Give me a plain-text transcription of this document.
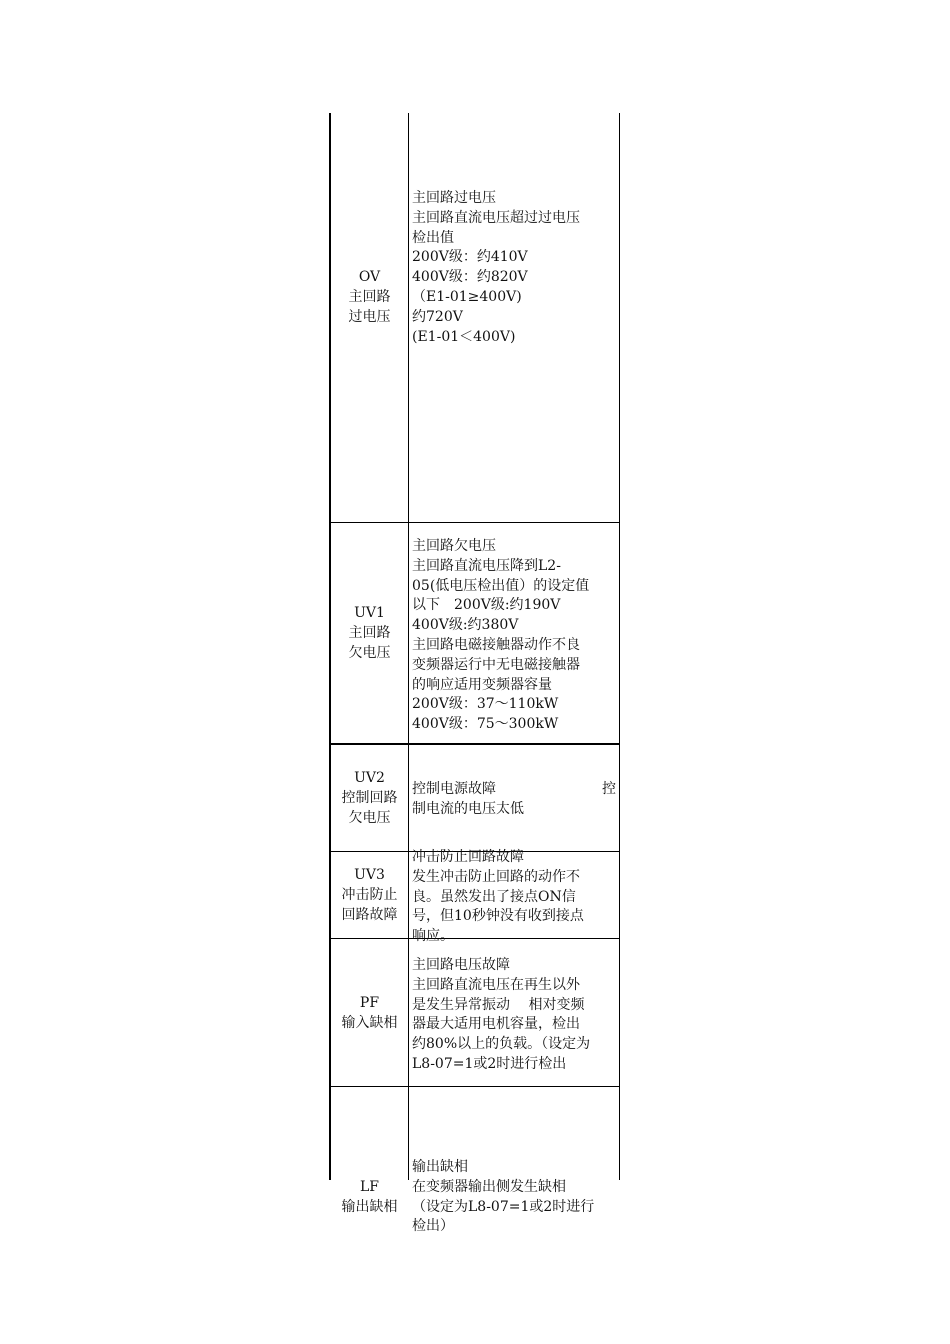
OV
主回路
过电压
主回路过电压
主回路直流电压超过过电压
检出值
200V级：约410V
400V级：约820V
（E1-01≥400V)
约720V
(E1-01＜400V)
UV1
主回路
欠电压
主回路欠电压
主回路直流电压降到L2-
05(低电压检出值）的设定值
以下　200V级:约190V
400V级:约380V
主回路电磁接触器动作不良
变频器运行中无电磁接触器
的响应适用变频器容量
200V级：37～110kW
400V级：75～300kW
UV2
控制回路
欠电压
控制电源故障	控
制电流的电压太低
UV3
冲击防止
回路故障
冲击防止回路故障
发生冲击防止回路的动作不
良。虽然发出了接点ON信
号，但10秒钟没有收到接点
响应。
PF
输入缺相
主回路电压故障
主回路直流电压在再生以外
是发生异常振动　 相对变频
器最大适用电机容量，检出
约80%以上的负载。（设定为
L8-07=1或2时进行检出
LF
输出缺相
输出缺相
在变频器输出侧发生缺相
（设定为L8-07=1或2时进行
检出）
